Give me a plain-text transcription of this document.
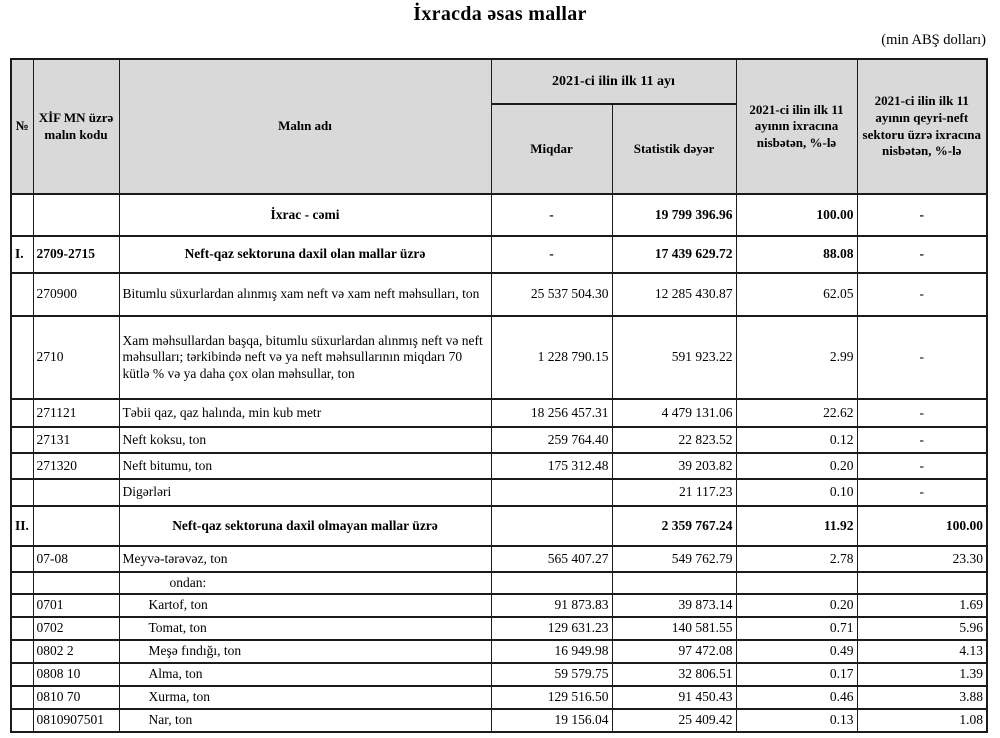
İxracda əsas mallar
(min ABŞ dolları)
№	XİF MN üzrə malın kodu	Malın adı	2021-ci ilin ilk 11 ayı		2021-ci ilin ilk 11 ayının ixracına nisbətən, %-lə	2021-ci ilin ilk 11 ayının qeyri-neft sektoru üzrə ixracına nisbətən, %-lə
			Miqdar	Statistik dəyər		
		İxrac - cəmi	-	19 799 396.96	100.00	-
I.	2709-2715	Neft-qaz sektoruna daxil olan mallar üzrə	-	17 439 629.72	88.08	-
	270900	Bitumlu süxurlardan alınmış xam neft və xam neft məhsulları, ton	25 537 504.30	12 285 430.87	62.05	-
	2710	Xam məhsullardan başqa, bitumlu süxurlardan alınmış neft və neft məhsulları; tərkibində neft və ya neft məhsullarının miqdarı 70 kütlə % və ya daha çox olan məhsullar, ton	1 228 790.15	591 923.22	2.99	-
	271121	Təbii qaz, qaz halında, min kub metr	18 256 457.31	4 479 131.06	22.62	-
	27131	Neft koksu, ton	259 764.40	22 823.52	0.12	-
	271320	Neft bitumu, ton	175 312.48	39 203.82	0.20	-
		Digərləri		21 117.23	0.10	-
II.		Neft-qaz sektoruna daxil olmayan mallar üzrə		2 359 767.24	11.92	100.00
	07-08	Meyvə-tərəvəz, ton	565 407.27	549 762.79	2.78	23.30
		ondan:				
	0701	Kartof, ton	91 873.83	39 873.14	0.20	1.69
	0702	Tomat, ton	129 631.23	140 581.55	0.71	5.96
	0802 2	Meşə fındığı, ton	16 949.98	97 472.08	0.49	4.13
	0808 10	Alma, ton	59 579.75	32 806.51	0.17	1.39
	0810 70	Xurma, ton	129 516.50	91 450.43	0.46	3.88
	0810907501	Nar, ton	19 156.04	25 409.42	0.13	1.08
